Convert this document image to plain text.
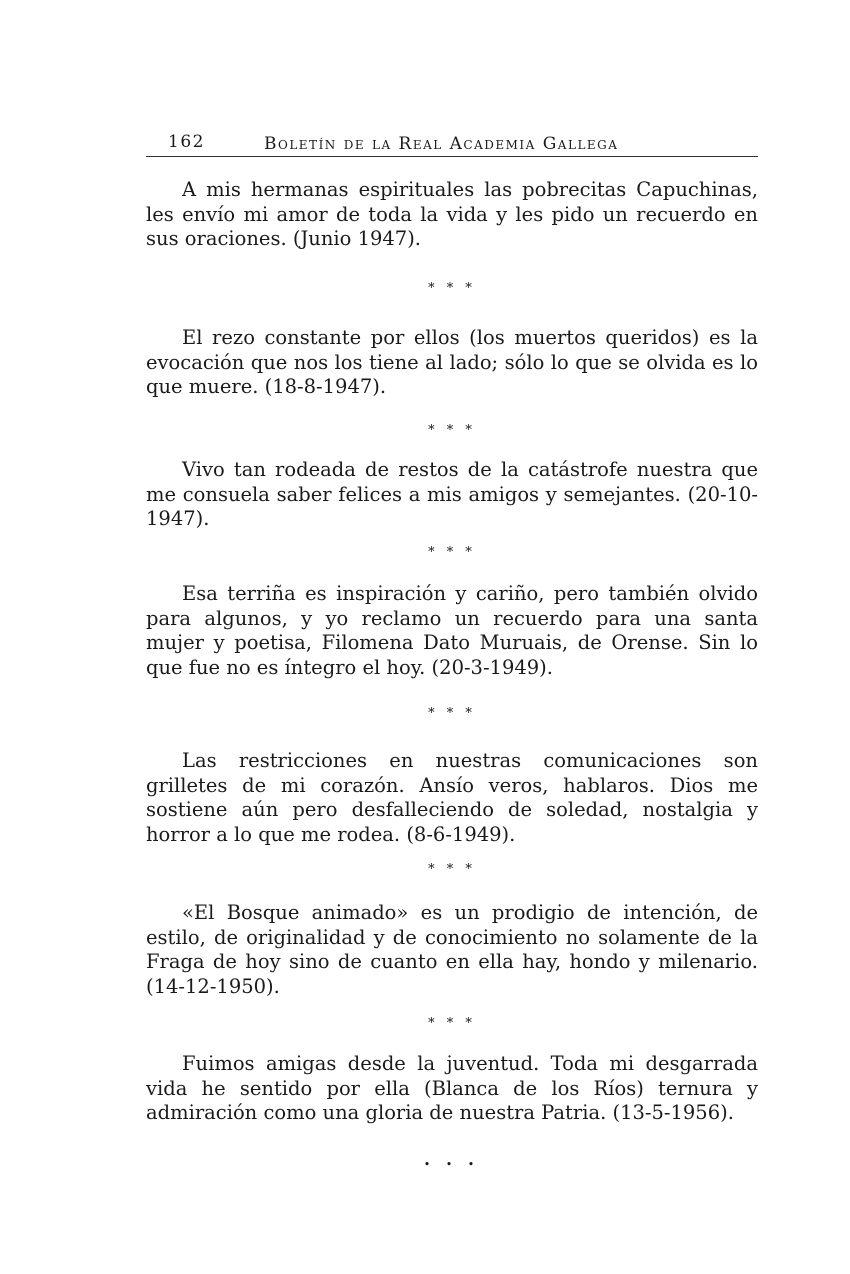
162	Boletín de la Real Academia Gallega

A mis hermanas espirituales las pobrecitas Capuchinas, les envío mi amor de toda la vida y les pido un recuerdo en sus oraciones. (Junio 1947).

* * *

El rezo constante por ellos (los muertos queridos) es la evocación que nos los tiene al lado; sólo lo que se olvida es lo que muere. (18-8-1947).

* * *

Vivo tan rodeada de restos de la catástrofe nuestra que me consuela saber felices a mis amigos y semejantes. (20-10-1947).

* * *

Esa terriña es inspiración y cariño, pero también olvido para algunos, y yo reclamo un recuerdo para una santa mujer y poetisa, Filomena Dato Muruais, de Orense. Sin lo que fue no es íntegro el hoy. (20-3-1949).

* * *

Las restricciones en nuestras comunicaciones son grilletes de mi corazón. Ansío veros, hablaros. Dios me sostiene aún pero desfalleciendo de soledad, nostalgia y horror a lo que me rodea. (8-6-1949).

* * *

«El Bosque animado» es un prodigio de intención, de estilo, de originalidad y de conocimiento no solamente de la Fraga de hoy sino de cuanto en ella hay, hondo y milenario. (14-12-1950).

* * *

Fuimos amigas desde la juventud. Toda mi desgarrada vida he sentido por ella (Blanca de los Ríos) ternura y admiración como una gloria de nuestra Patria. (13-5-1956).

• • •
